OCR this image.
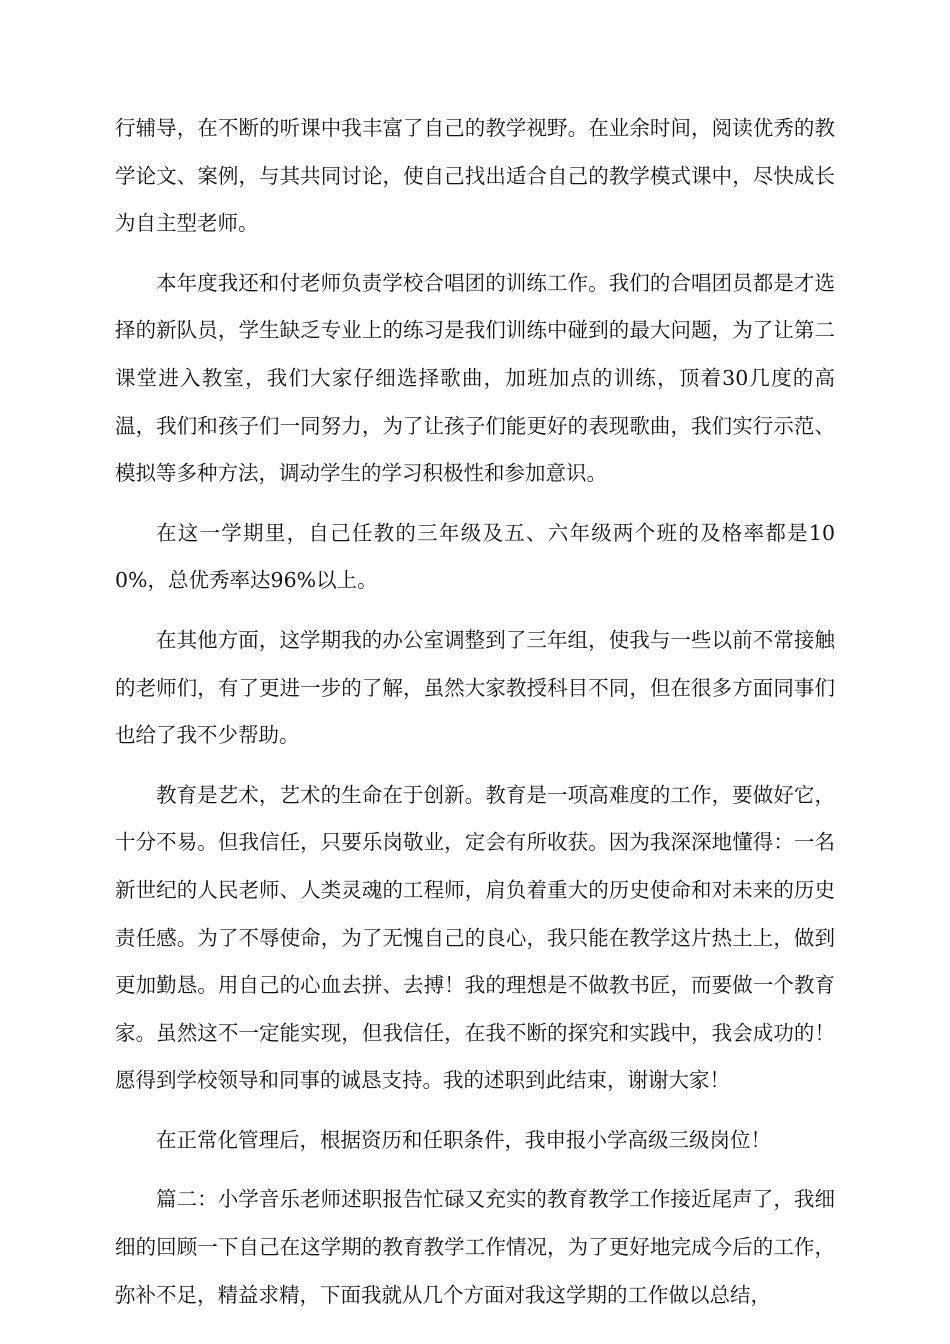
行辅导，在不断的听课中我丰富了自己的教学视野。在业余时间，阅读优秀的教学论文、案例，与其共同讨论，使自己找出适合自己的教学模式课中，尽快成长为自主型老师。

本年度我还和付老师负责学校合唱团的训练工作。我们的合唱团员都是才选择的新队员，学生缺乏专业上的练习是我们训练中碰到的最大问题，为了让第二课堂进入教室，我们大家仔细选择歌曲，加班加点的训练，顶着30几度的高温，我们和孩子们一同努力，为了让孩子们能更好的表现歌曲，我们实行示范、模拟等多种方法，调动学生的学习积极性和参加意识。

在这一学期里，自己任教的三年级及五、六年级两个班的及格率都是100%，总优秀率达96%以上。

在其他方面，这学期我的办公室调整到了三年组，使我与一些以前不常接触的老师们，有了更进一步的了解，虽然大家教授科目不同，但在很多方面同事们也给了我不少帮助。

教育是艺术，艺术的生命在于创新。教育是一项高难度的工作，要做好它，十分不易。但我信任，只要乐岗敬业，定会有所收获。因为我深深地懂得：一名新世纪的人民老师、人类灵魂的工程师，肩负着重大的历史使命和对未来的历史责任感。为了不辱使命，为了无愧自己的良心，我只能在教学这片热土上，做到更加勤恳。用自己的心血去拼、去搏！我的理想是不做教书匠，而要做一个教育家。虽然这不一定能实现，但我信任，在我不断的探究和实践中，我会成功的！愿得到学校领导和同事的诚恳支持。我的述职到此结束，谢谢大家！

在正常化管理后，根据资历和任职条件，我申报小学高级三级岗位！

篇二：小学音乐老师述职报告忙碌又充实的教育教学工作接近尾声了，我细细的回顾一下自己在这学期的教育教学工作情况，为了更好地完成今后的工作，弥补不足，精益求精，下面我就从几个方面对我这学期的工作做以总结，
